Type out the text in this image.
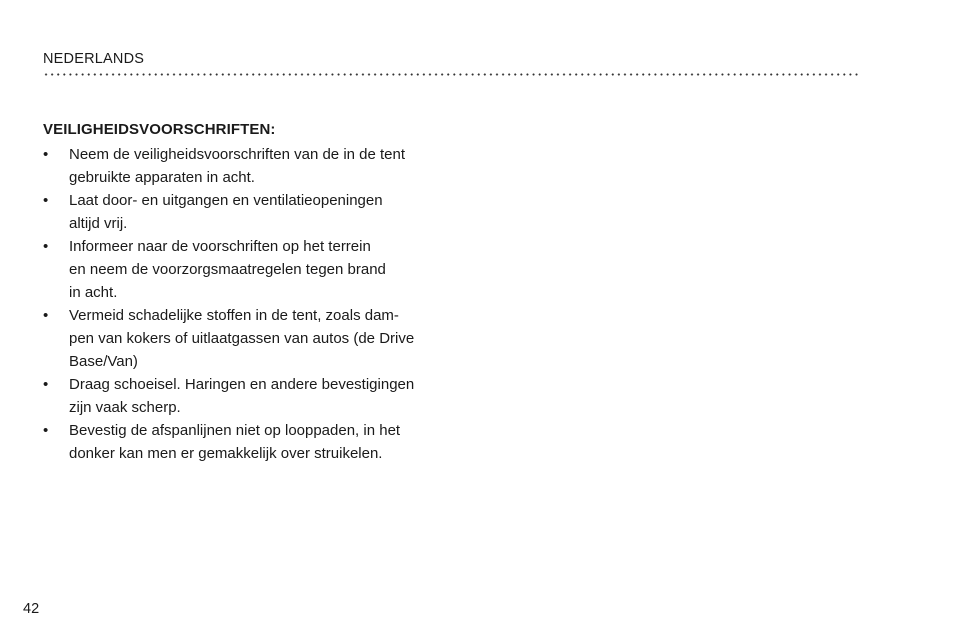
NEDERLANDS
VEILIGHEIDSVOORSCHRIFTEN:
•	Neem de veiligheidsvoorschriften van de in de tent
gebruikte apparaten in acht.
•	Laat door- en uitgangen en ventilatieopeningen
altijd vrij.
•	Informeer naar de voorschriften op het terrein
en neem de voorzorgsmaatregelen tegen brand
in acht.
•	Vermeid schadelijke stoffen in de tent, zoals dam-
pen van kokers of uitlaatgassen van autos (de Drive
Base/Van)
•	Draag schoeisel. Haringen en andere bevestigingen
zijn vaak scherp.
•	Bevestig de afspanlijnen niet op looppaden, in het
donker kan men er gemakkelijk over struikelen.
42
